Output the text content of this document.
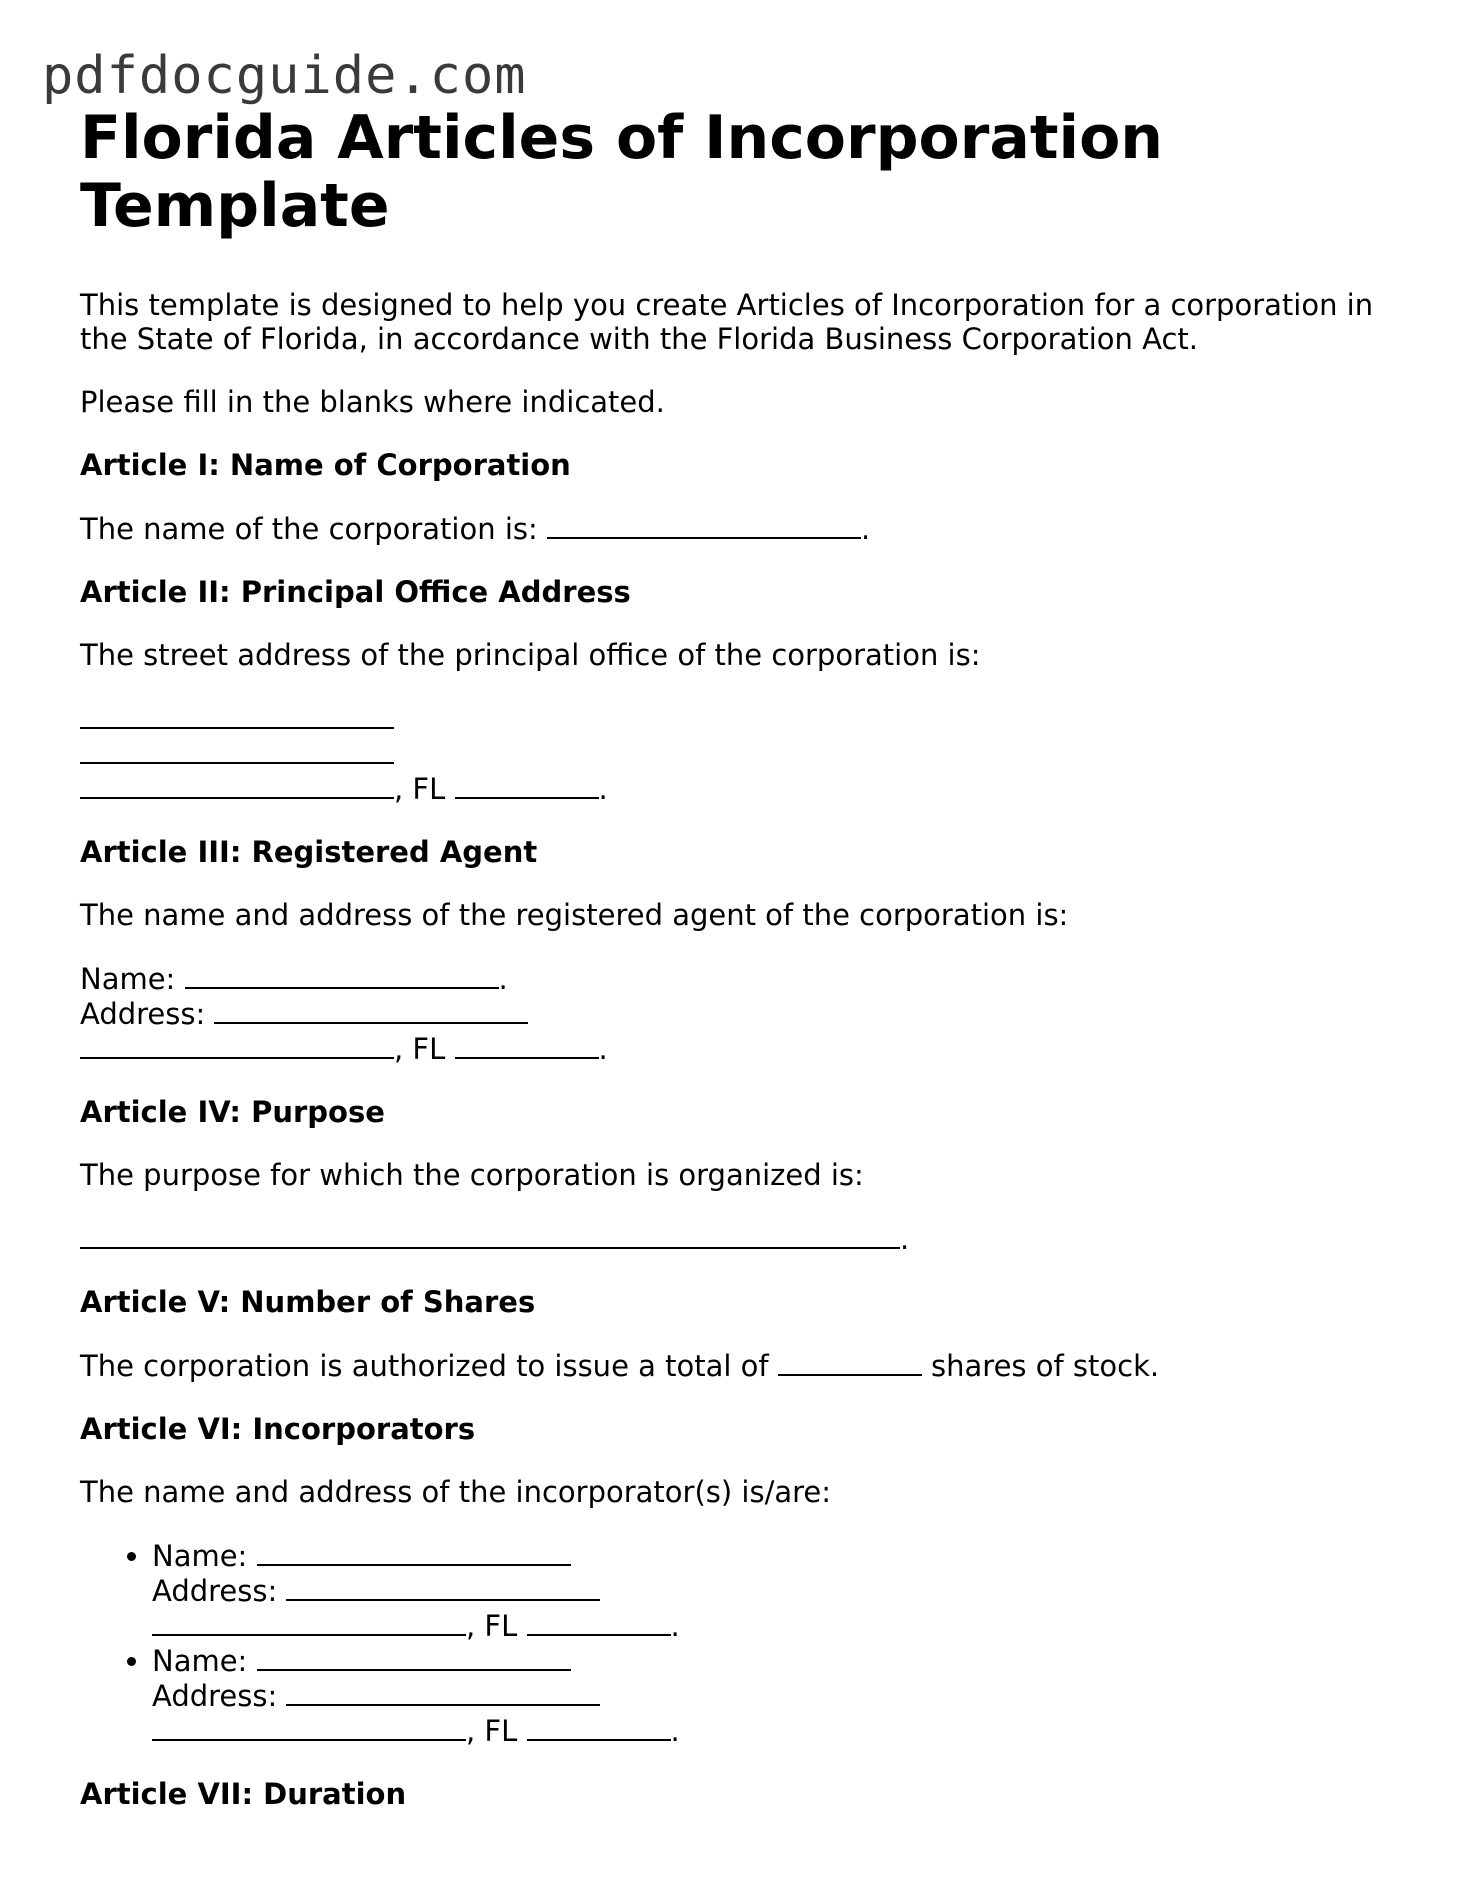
pdfdocguide.com
Florida Articles of Incorporation Template

This template is designed to help you create Articles of Incorporation for a corporation in the State of Florida, in accordance with the Florida Business Corporation Act.

Please fill in the blanks where indicated.

Article I: Name of Corporation

The name of the corporation is:	.

Article II: Principal Office Address

The street address of the principal office of the corporation is:

, FL	.

Article III: Registered Agent

The name and address of the registered agent of the corporation is:

Name:	.

Address:

, FL	.

Article IV: Purpose

The purpose for which the corporation is organized is:

.

Article V: Number of Shares

The corporation is authorized to issue a total of	shares of stock.

Article VI: Incorporators

The name and address of the incorporator(s) is/are:

• Name:
Address:
, FL	.
• Name:
Address:
, FL	.
Article VII: Duration
